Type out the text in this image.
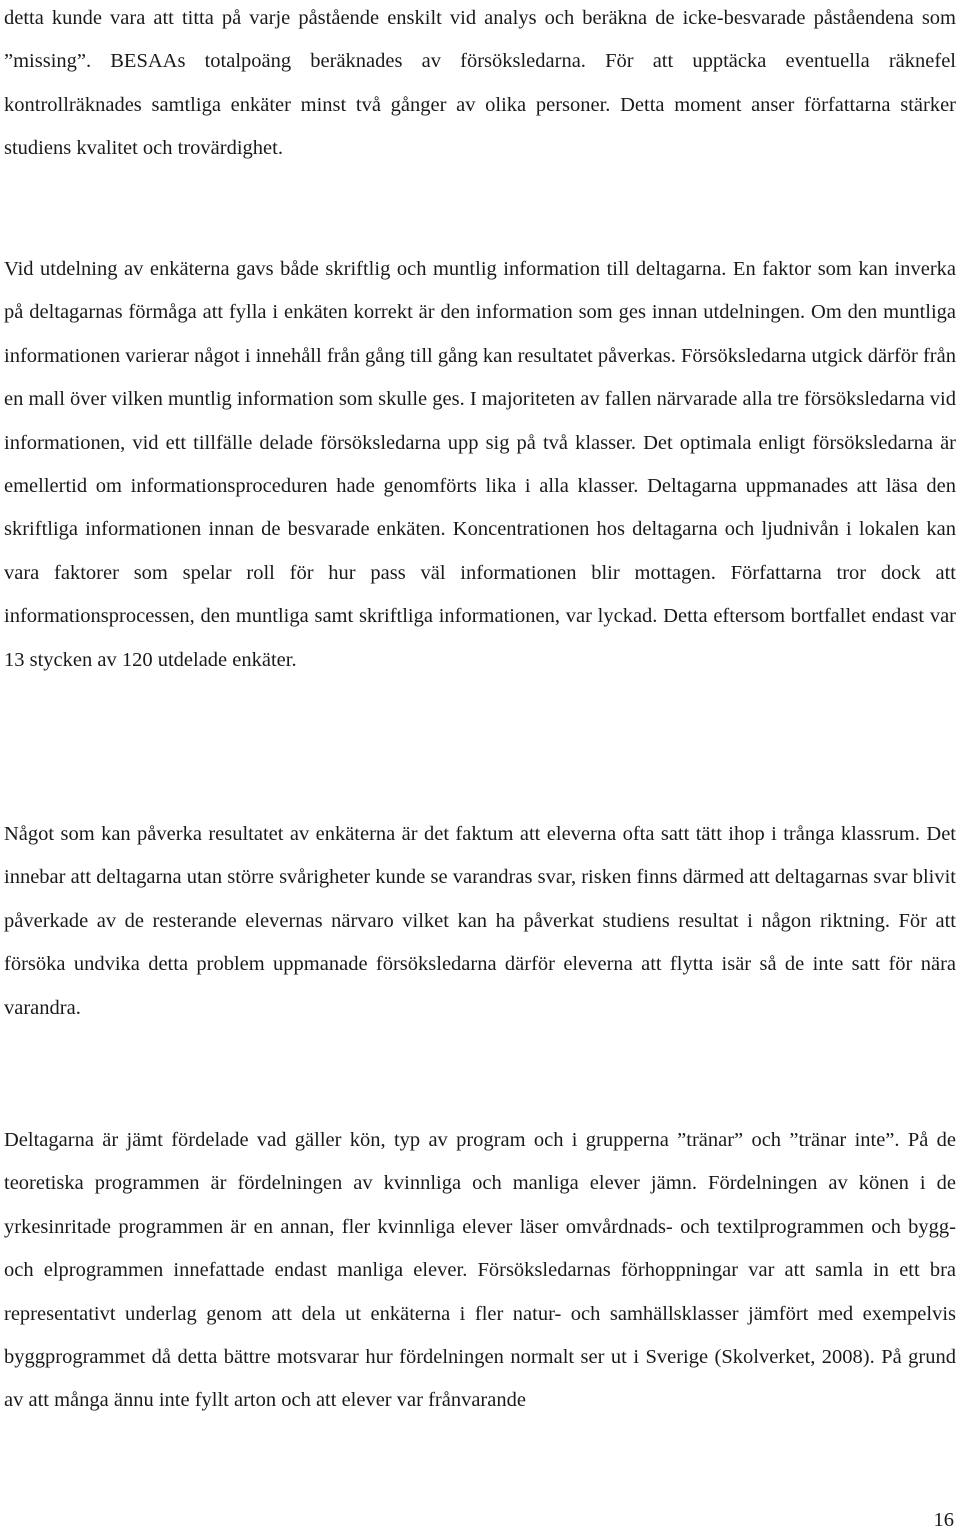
detta kunde vara att titta på varje påstående enskilt vid analys och beräkna de icke-besvarade påståendena som ”missing”. BESAAs totalpoäng beräknades av försöksledarna. För att upptäcka eventuella räknefel kontrollräknades samtliga enkäter minst två gånger av olika personer. Detta moment anser författarna stärker studiens kvalitet och trovärdighet.

Vid utdelning av enkäterna gavs både skriftlig och muntlig information till deltagarna. En faktor som kan inverka på deltagarnas förmåga att fylla i enkäten korrekt är den information som ges innan utdelningen. Om den muntliga informationen varierar något i innehåll från gång till gång kan resultatet påverkas. Försöksledarna utgick därför från en mall över vilken muntlig information som skulle ges. I majoriteten av fallen närvarade alla tre försöksledarna vid informationen, vid ett tillfälle delade försöksledarna upp sig på två klasser. Det optimala enligt försöksledarna är emellertid om informationsproceduren hade genomförts lika i alla klasser. Deltagarna uppmanades att läsa den skriftliga informationen innan de besvarade enkäten. Koncentrationen hos deltagarna och ljudnivån i lokalen kan vara faktorer som spelar roll för hur pass väl informationen blir mottagen. Författarna tror dock att informationsprocessen, den muntliga samt skriftliga informationen, var lyckad. Detta eftersom bortfallet endast var 13 stycken av 120 utdelade enkäter.

Något som kan påverka resultatet av enkäterna är det faktum att eleverna ofta satt tätt ihop i trånga klassrum. Det innebar att deltagarna utan större svårigheter kunde se varandras svar, risken finns därmed att deltagarnas svar blivit påverkade av de resterande elevernas närvaro vilket kan ha påverkat studiens resultat i någon riktning. För att försöka undvika detta problem uppmanade försöksledarna därför eleverna att flytta isär så de inte satt för nära varandra.

Deltagarna är jämt fördelade vad gäller kön, typ av program och i grupperna ”tränar” och ”tränar inte”. På de teoretiska programmen är fördelningen av kvinnliga och manliga elever jämn. Fördelningen av könen i de yrkesinritade programmen är en annan, fler kvinnliga elever läser omvårdnads- och textilprogrammen och bygg- och elprogrammen innefattade endast manliga elever. Försöksledarnas förhoppningar var att samla in ett bra representativt underlag genom att dela ut enkäterna i fler natur- och samhällsklasser jämfört med exempelvis byggprogrammet då detta bättre motsvarar hur fördelningen normalt ser ut i Sverige (Skolverket, 2008). På grund av att många ännu inte fyllt arton och att elever var frånvarande

16
